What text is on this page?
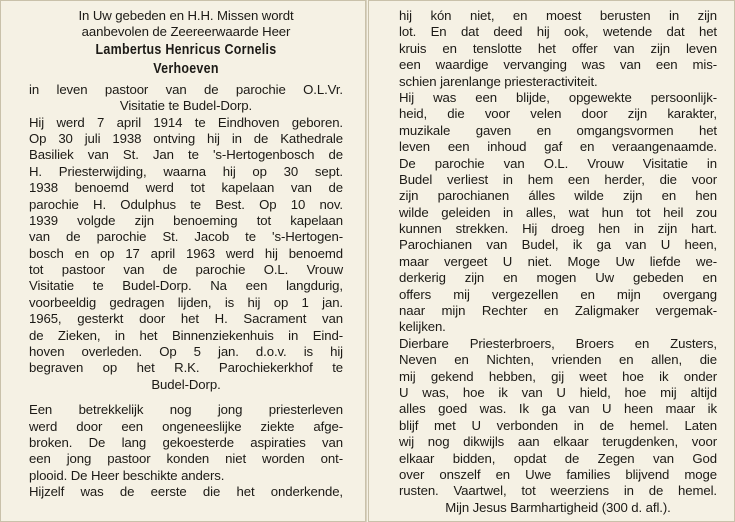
In Uw gebeden en H.H. Missen wordt
aanbevolen de Zeereerwaarde Heer
Lambertus Henricus Cornelis
Verhoeven
in leven pastoor van de parochie O.L.Vr.
Visitatie te Budel-Dorp.
Hij werd 7 april 1914 te Eindhoven geboren.
Op 30 juli 1938 ontving hij in de Kathedrale
Basiliek van St. Jan te 's-Hertogenbosch de
H. Priesterwijding, waarna hij op 30 sept.
1938 benoemd werd tot kapelaan van de
parochie H. Odulphus te Best. Op 10 nov.
1939 volgde zijn benoeming tot kapelaan
van de parochie St. Jacob te 's-Hertogen-
bosch en op 17 april 1963 werd hij benoemd
tot pastoor van de parochie O.L. Vrouw
Visitatie te Budel-Dorp. Na een langdurig,
voorbeeldig gedragen lijden, is hij op 1 jan.
1965, gesterkt door het H. Sacrament van
de Zieken, in het Binnenziekenhuis in Eind-
hoven overleden. Op 5 jan. d.o.v. is hij
begraven op het R.K. Parochiekerkhof te
Budel-Dorp.
Een betrekkelijk nog jong priesterleven
werd door een ongeneeslijke ziekte afge-
broken. De lang gekoesterde aspiraties van
een jong pastoor konden niet worden ont-
plooid. De Heer beschikte anders.
Hijzelf was de eerste die het onderkende,
hij kón niet, en moest berusten in zijn
lot. En dat deed hij ook, wetende dat het
kruis en tenslotte het offer van zijn leven
een waardige vervanging was van een mis-
schien jarenlange priesteractiviteit.
Hij was een blijde, opgewekte persoonlijk-
heid, die voor velen door zijn karakter,
muzikale gaven en omgangsvormen het
leven een inhoud gaf en veraangenaamde.
De parochie van O.L. Vrouw Visitatie in
Budel verliest in hem een herder, die voor
zijn parochianen álles wilde zijn en hen
wilde geleiden in alles, wat hun tot heil zou
kunnen strekken. Hij droeg hen in zijn hart.
Parochianen van Budel, ik ga van U heen,
maar vergeet U niet. Moge Uw liefde we-
derkerig zijn en mogen Uw gebeden en
offers mij vergezellen en mijn overgang
naar mijn Rechter en Zaligmaker vergemak-
kelijken.
Dierbare Priesterbroers, Broers en Zusters,
Neven en Nichten, vrienden en allen, die
mij gekend hebben, gij weet hoe ik onder
U was, hoe ik van U hield, hoe mij altijd
alles goed was. Ik ga van U heen maar ik
blijf met U verbonden in de hemel. Laten
wij nog dikwijls aan elkaar terugdenken, voor
elkaar bidden, opdat de Zegen van God
over onszelf en Uwe families blijvend moge
rusten. Vaartwel, tot weerziens in de hemel.
Mijn Jesus Barmhartigheid (300 d. afl.).
